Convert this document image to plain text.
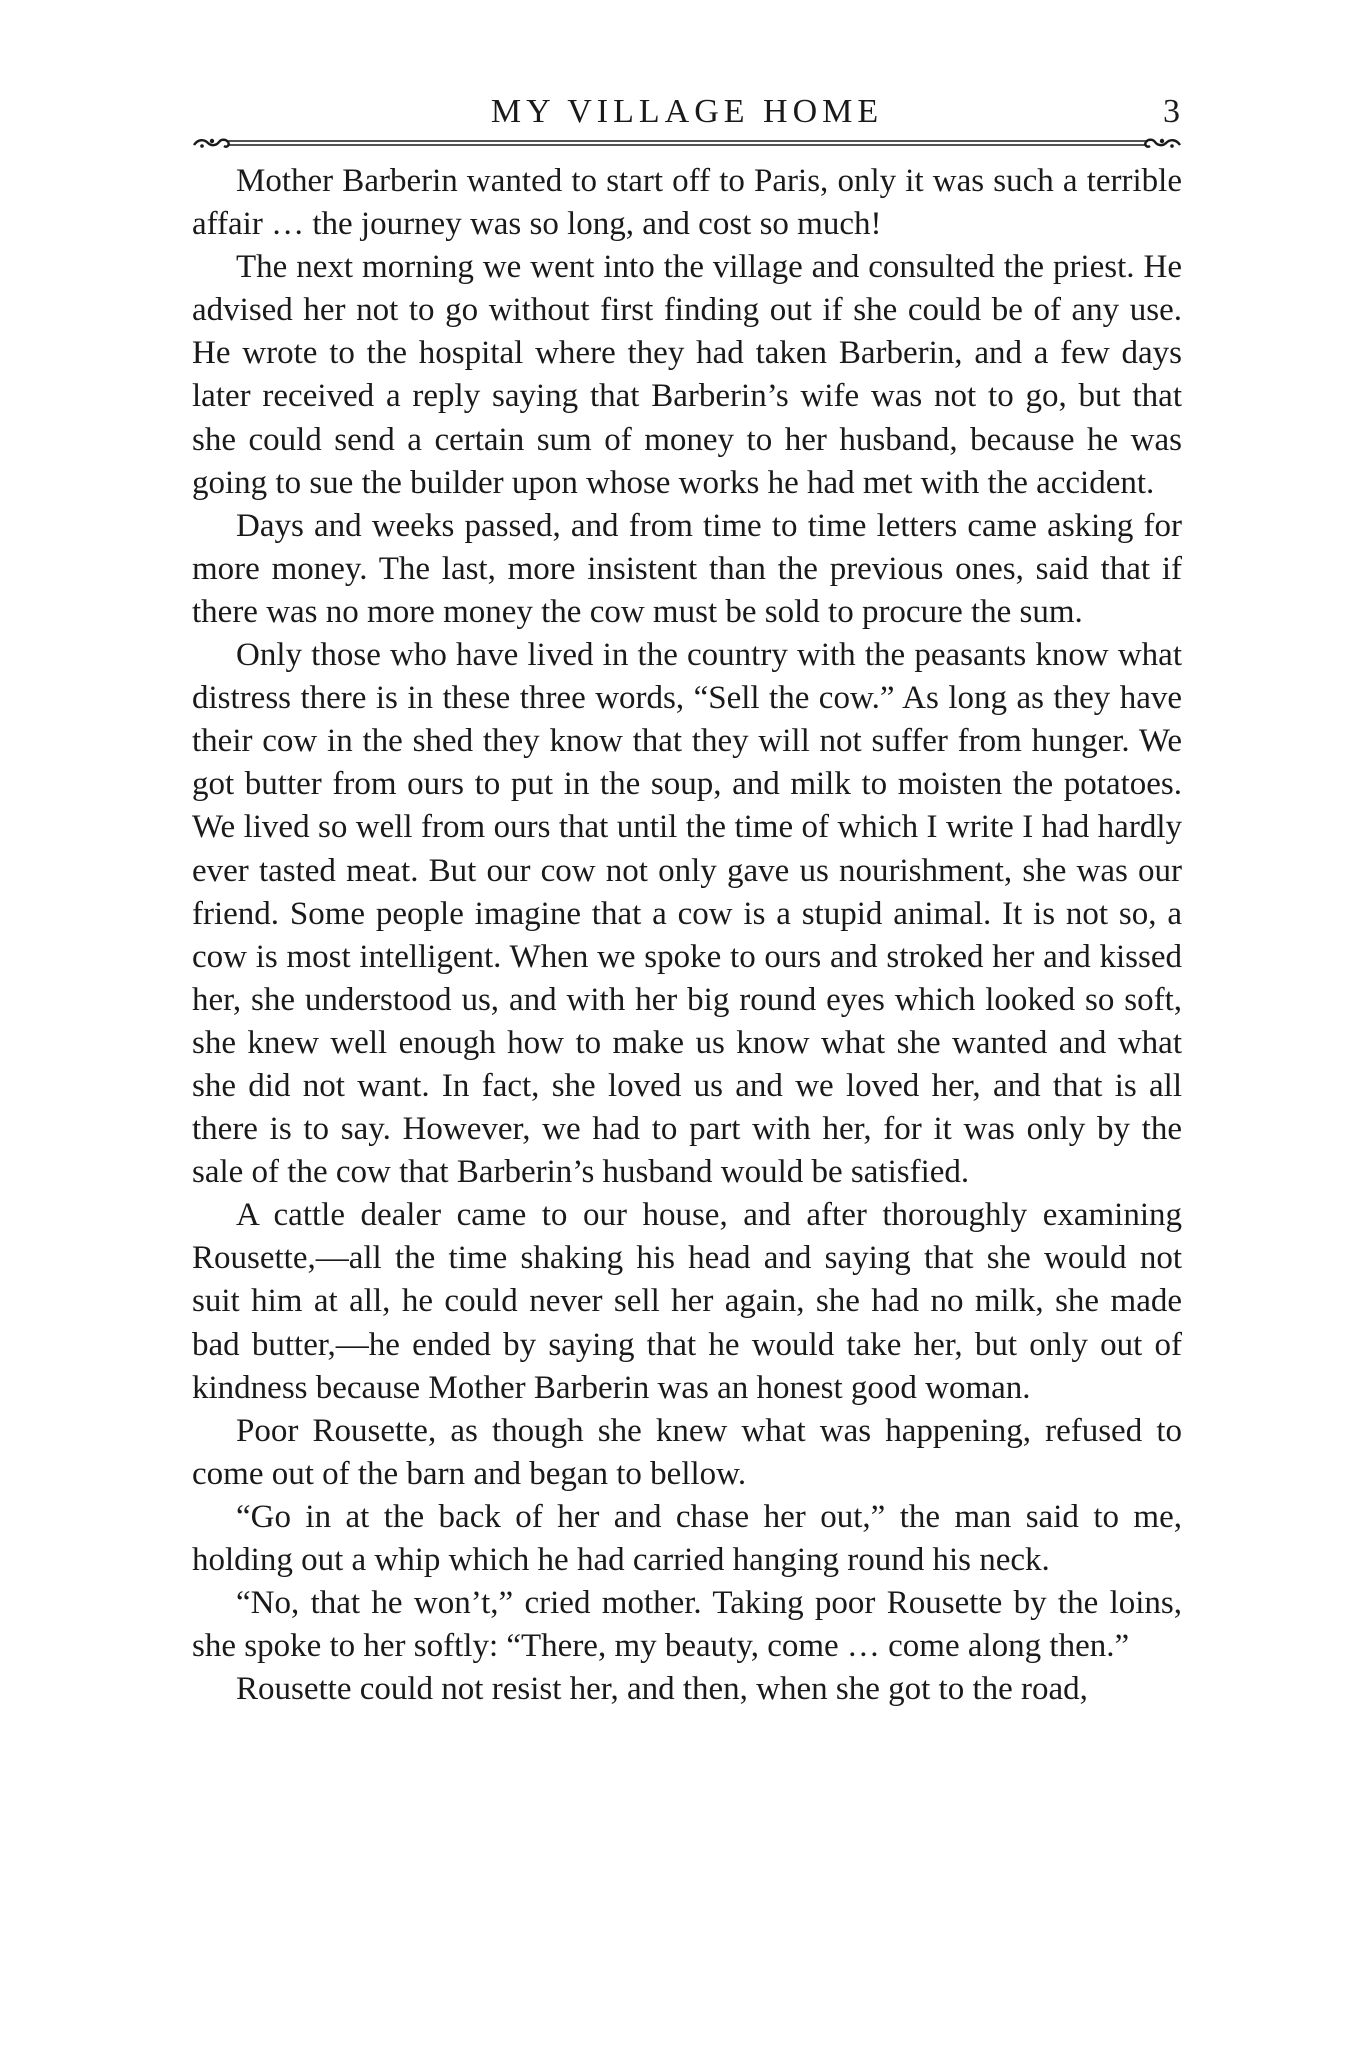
MY VILLAGE HOME	3

Mother Barberin wanted to start off to Paris, only it was such a terrible affair … the journey was so long, and cost so much!

The next morning we went into the village and consulted the priest. He advised her not to go without first finding out if she could be of any use. He wrote to the hospital where they had taken Barberin, and a few days later received a reply saying that Barberin’s wife was not to go, but that she could send a certain sum of money to her husband, because he was going to sue the builder upon whose works he had met with the accident.

Days and weeks passed, and from time to time letters came asking for more money. The last, more insistent than the previous ones, said that if there was no more money the cow must be sold to procure the sum.

Only those who have lived in the country with the peasants know what distress there is in these three words, “Sell the cow.” As long as they have their cow in the shed they know that they will not suffer from hunger. We got butter from ours to put in the soup, and milk to moisten the potatoes. We lived so well from ours that until the time of which I write I had hardly ever tasted meat. But our cow not only gave us nourishment, she was our friend. Some people imagine that a cow is a stupid animal. It is not so, a cow is most intelligent. When we spoke to ours and stroked her and kissed her, she understood us, and with her big round eyes which looked so soft, she knew well enough how to make us know what she wanted and what she did not want. In fact, she loved us and we loved her, and that is all there is to say. However, we had to part with her, for it was only by the sale of the cow that Barberin’s husband would be satisfied.

A cattle dealer came to our house, and after thoroughly examining Rousette,—all the time shaking his head and saying that she would not suit him at all, he could never sell her again, she had no milk, she made bad butter,—he ended by saying that he would take her, but only out of kindness because Mother Barberin was an honest good woman.

Poor Rousette, as though she knew what was happening, refused to come out of the barn and began to bellow.

“Go in at the back of her and chase her out,” the man said to me, holding out a whip which he had carried hanging round his neck.

“No, that he won’t,” cried mother. Taking poor Rousette by the loins, she spoke to her softly: “There, my beauty, come … come along then.”

Rousette could not resist her, and then, when she got to the road,
